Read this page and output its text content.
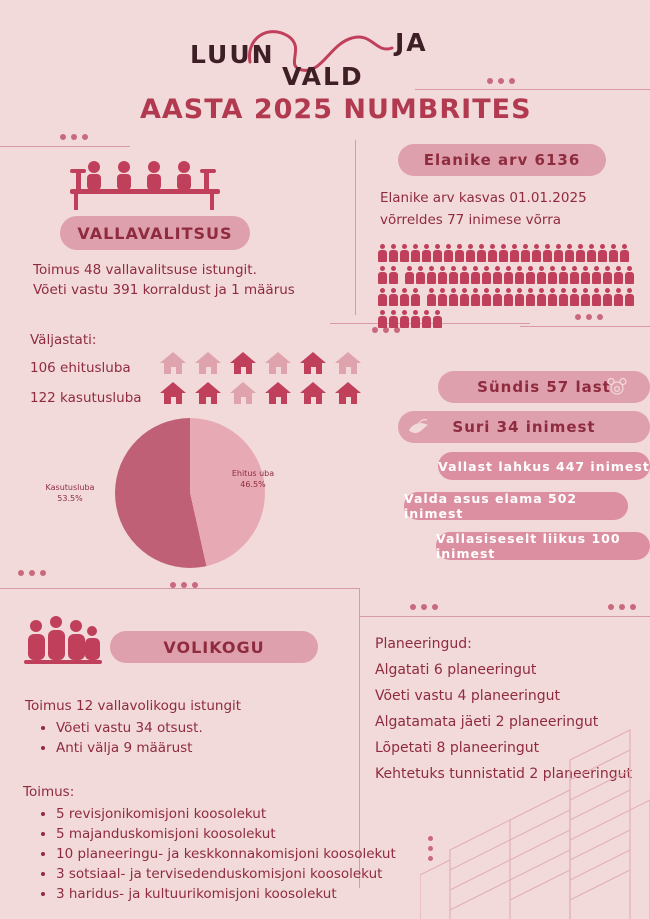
LUUN
VALD
JA
AASTA 2025 NUMBRITES
VALLAVALITSUS
Toimus 48 vallavalitsuse istungit.
Võeti vastu 391 korraldust ja 1 määrus
Väljastati:
106 ehitusluba
122 kasutusluba

Kasutusluba
53.5%
Ehitus uba
46.5%
Elanike arv 6136
Elanike arv kasvas 01.01.2025
võrreldes 77 inimese võrra

Sündis 57 last
Suri 34 inimest
Vallast lahkus 447 inimest
Valda asus elama 502 inimest
Vallasiseselt liikus 100 inimest
VOLIKOGU
Toimus 12 vallavolikogu istungit
• Võeti vastu 34 otsust.
• Anti välja 9 määrust
Toimus:
• 5 revisjonikomisjoni koosolekut
• 5 majanduskomisjoni koosolekut
• 10 planeeringu- ja keskkonnakomisjoni koosolekut
• 3 sotsiaal- ja tervisedenduskomisjoni koosolekut
• 3 haridus- ja kultuurikomisjoni koosolekut
Planeeringud:
Algatati 6 planeeringut
Võeti vastu 4 planeeringut
Algatamata jäeti 2 planeeringut
Lõpetati 8 planeeringut
Kehtetuks tunnistatid 2 planeeringut
